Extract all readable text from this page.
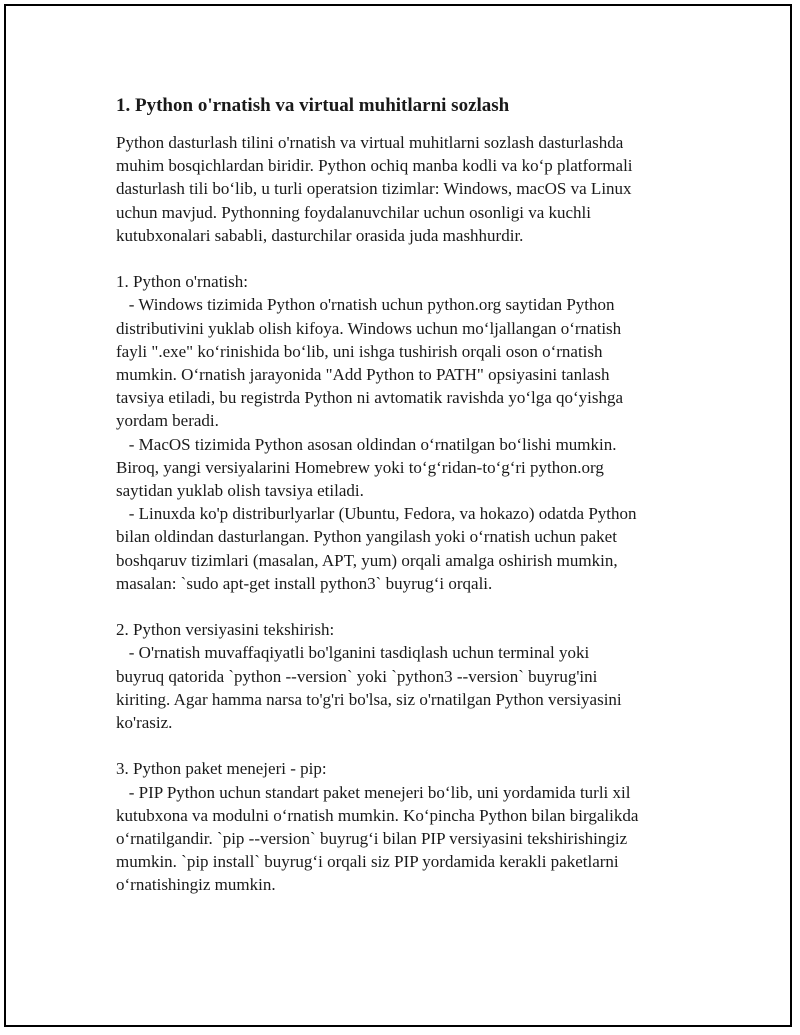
1. Python o'rnatish va virtual muhitlarni sozlash

Python dasturlash tilini o'rnatish va virtual muhitlarni sozlash dasturlashda
muhim bosqichlardan biridir. Python ochiq manba kodli va ko‘p platformali
dasturlash tili bo‘lib, u turli operatsion tizimlar: Windows, macOS va Linux
uchun mavjud. Pythonning foydalanuvchilar uchun osonligi va kuchli
kutubxonalari sababli, dasturchilar orasida juda mashhurdir.

1. Python o'rnatish:
- Windows tizimida Python o'rnatish uchun python.org saytidan Python
distributivini yuklab olish kifoya. Windows uchun mo‘ljallangan o‘rnatish
fayli ".exe" ko‘rinishida bo‘lib, uni ishga tushirish orqali oson o‘rnatish
mumkin. O‘rnatish jarayonida "Add Python to PATH" opsiyasini tanlash
tavsiya etiladi, bu registrda Python ni avtomatik ravishda yo‘lga qo‘yishga
yordam beradi.
- MacOS tizimida Python asosan oldindan o‘rnatilgan bo‘lishi mumkin.
Biroq, yangi versiyalarini Homebrew yoki to‘g‘ridan-to‘g‘ri python.org
saytidan yuklab olish tavsiya etiladi.
- Linuxda ko'p distriburlyarlar (Ubuntu, Fedora, va hokazo) odatda Python
bilan oldindan dasturlangan. Python yangilash yoki o‘rnatish uchun paket
boshqaruv tizimlari (masalan, APT, yum) orqali amalga oshirish mumkin,
masalan: `sudo apt-get install python3` buyrug‘i orqali.

2. Python versiyasini tekshirish:
- O'rnatish muvaffaqiyatli bo'lganini tasdiqlash uchun terminal yoki
buyruq qatorida `python --version` yoki `python3 --version` buyrug'ini
kiriting. Agar hamma narsa to'g'ri bo'lsa, siz o'rnatilgan Python versiyasini
ko'rasiz.

3. Python paket menejeri - pip:
- PIP Python uchun standart paket menejeri bo‘lib, uni yordamida turli xil
kutubxona va modulni o‘rnatish mumkin. Ko‘pincha Python bilan birgalikda
o‘rnatilgandir. `pip --version` buyrug‘i bilan PIP versiyasini tekshirishingiz
mumkin. `pip install` buyrug‘i orqali siz PIP yordamida kerakli paketlarni
o‘rnatishingiz mumkin.
